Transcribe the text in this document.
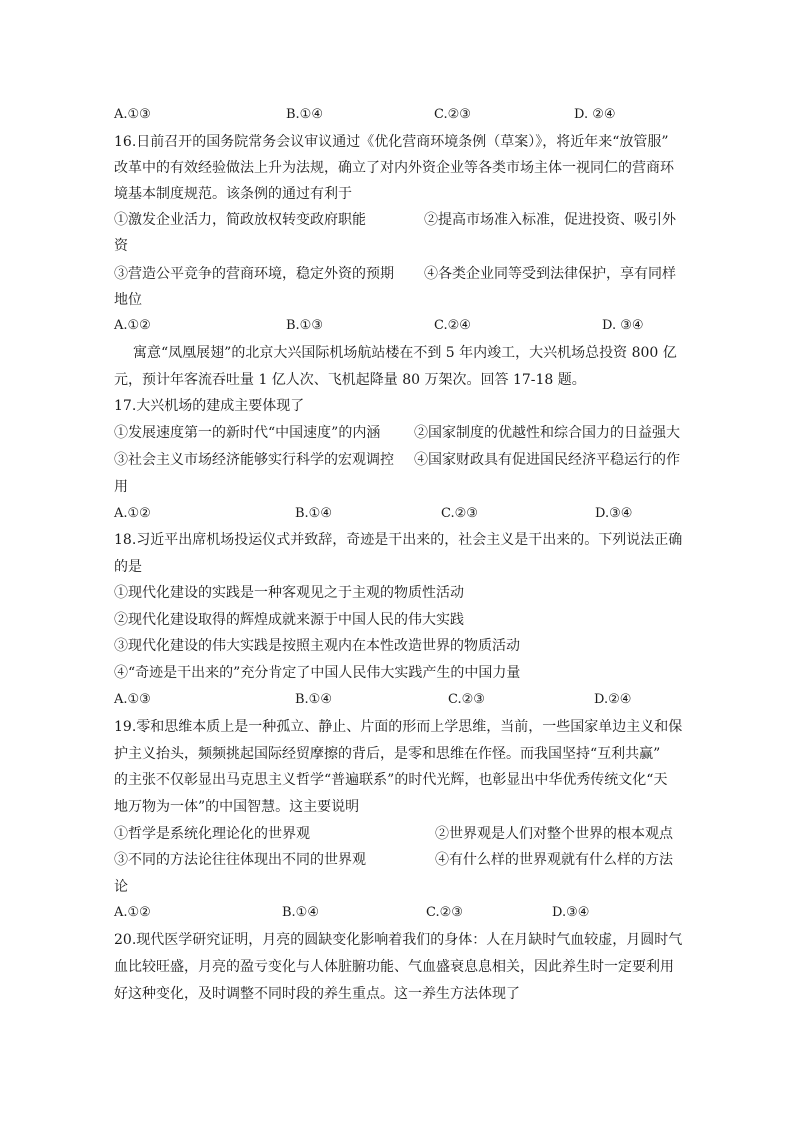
A.①③	B.①④	C.②③	D. ②④
16.日前召开的国务院常务会议审议通过《优化营商环境条例（草案）》，将近年来“放管服”
改革中的有效经验做法上升为法规，确立了对内外资企业等各类市场主体一视同仁的营商环
境基本制度规范。该条例的通过有利于
①激发企业活力，简政放权转变政府职能	②提高市场准入标准，促进投资、吸引外
资
③营造公平竞争的营商环境，稳定外资的预期 ④各类企业同等受到法律保护，享有同样
地位
A.①②	B.①③	C.②④	D. ③④
寓意“凤凰展翅”的北京大兴国际机场航站楼在不到 5 年内竣工，大兴机场总投资 800 亿
元，预计年客流吞吐量 1 亿人次、飞机起降量 80 万架次。回答 17-18 题。
17.大兴机场的建成主要体现了
①发展速度第一的新时代“中国速度”的内涵 ②国家制度的优越性和综合国力的日益强大
③社会主义市场经济能够实行科学的宏观调控 ④国家财政具有促进国民经济平稳运行的作
用
A.①②	B.①④	C.②③	D.③④
18.习近平出席机场投运仪式并致辞，奇迹是干出来的，社会主义是干出来的。下列说法正确
的是
①现代化建设的实践是一种客观见之于主观的物质性活动
②现代化建设取得的辉煌成就来源于中国人民的伟大实践
③现代化建设的伟大实践是按照主观内在本性改造世界的物质活动
④“奇迹是干出来的”充分肯定了中国人民伟大实践产生的中国力量
A.①③	B.①④	C.②③	D.②④
19.零和思维本质上是一种孤立、静止、片面的形而上学思维，当前，一些国家单边主义和保
护主义抬头，频频挑起国际经贸摩擦的背后，是零和思维在作怪。而我国坚持“互利共赢”
的主张不仅彰显出马克思主义哲学“普遍联系”的时代光辉，也彰显出中华优秀传统文化“天
地万物为一体”的中国智慧。这主要说明
①哲学是系统化理论化的世界观	②世界观是人们对整个世界的根本观点
③不同的方法论往往体现出不同的世界观	④有什么样的世界观就有什么样的方法
论
A.①②	B.①④	C.②③	D.③④
20.现代医学研究证明，月亮的圆缺变化影响着我们的身体：人在月缺时气血较虚，月圆时气
血比较旺盛，月亮的盈亏变化与人体脏腑功能、气血盛衰息息相关，因此养生时一定要利用
好这种变化，及时调整不同时段的养生重点。这一养生方法体现了
